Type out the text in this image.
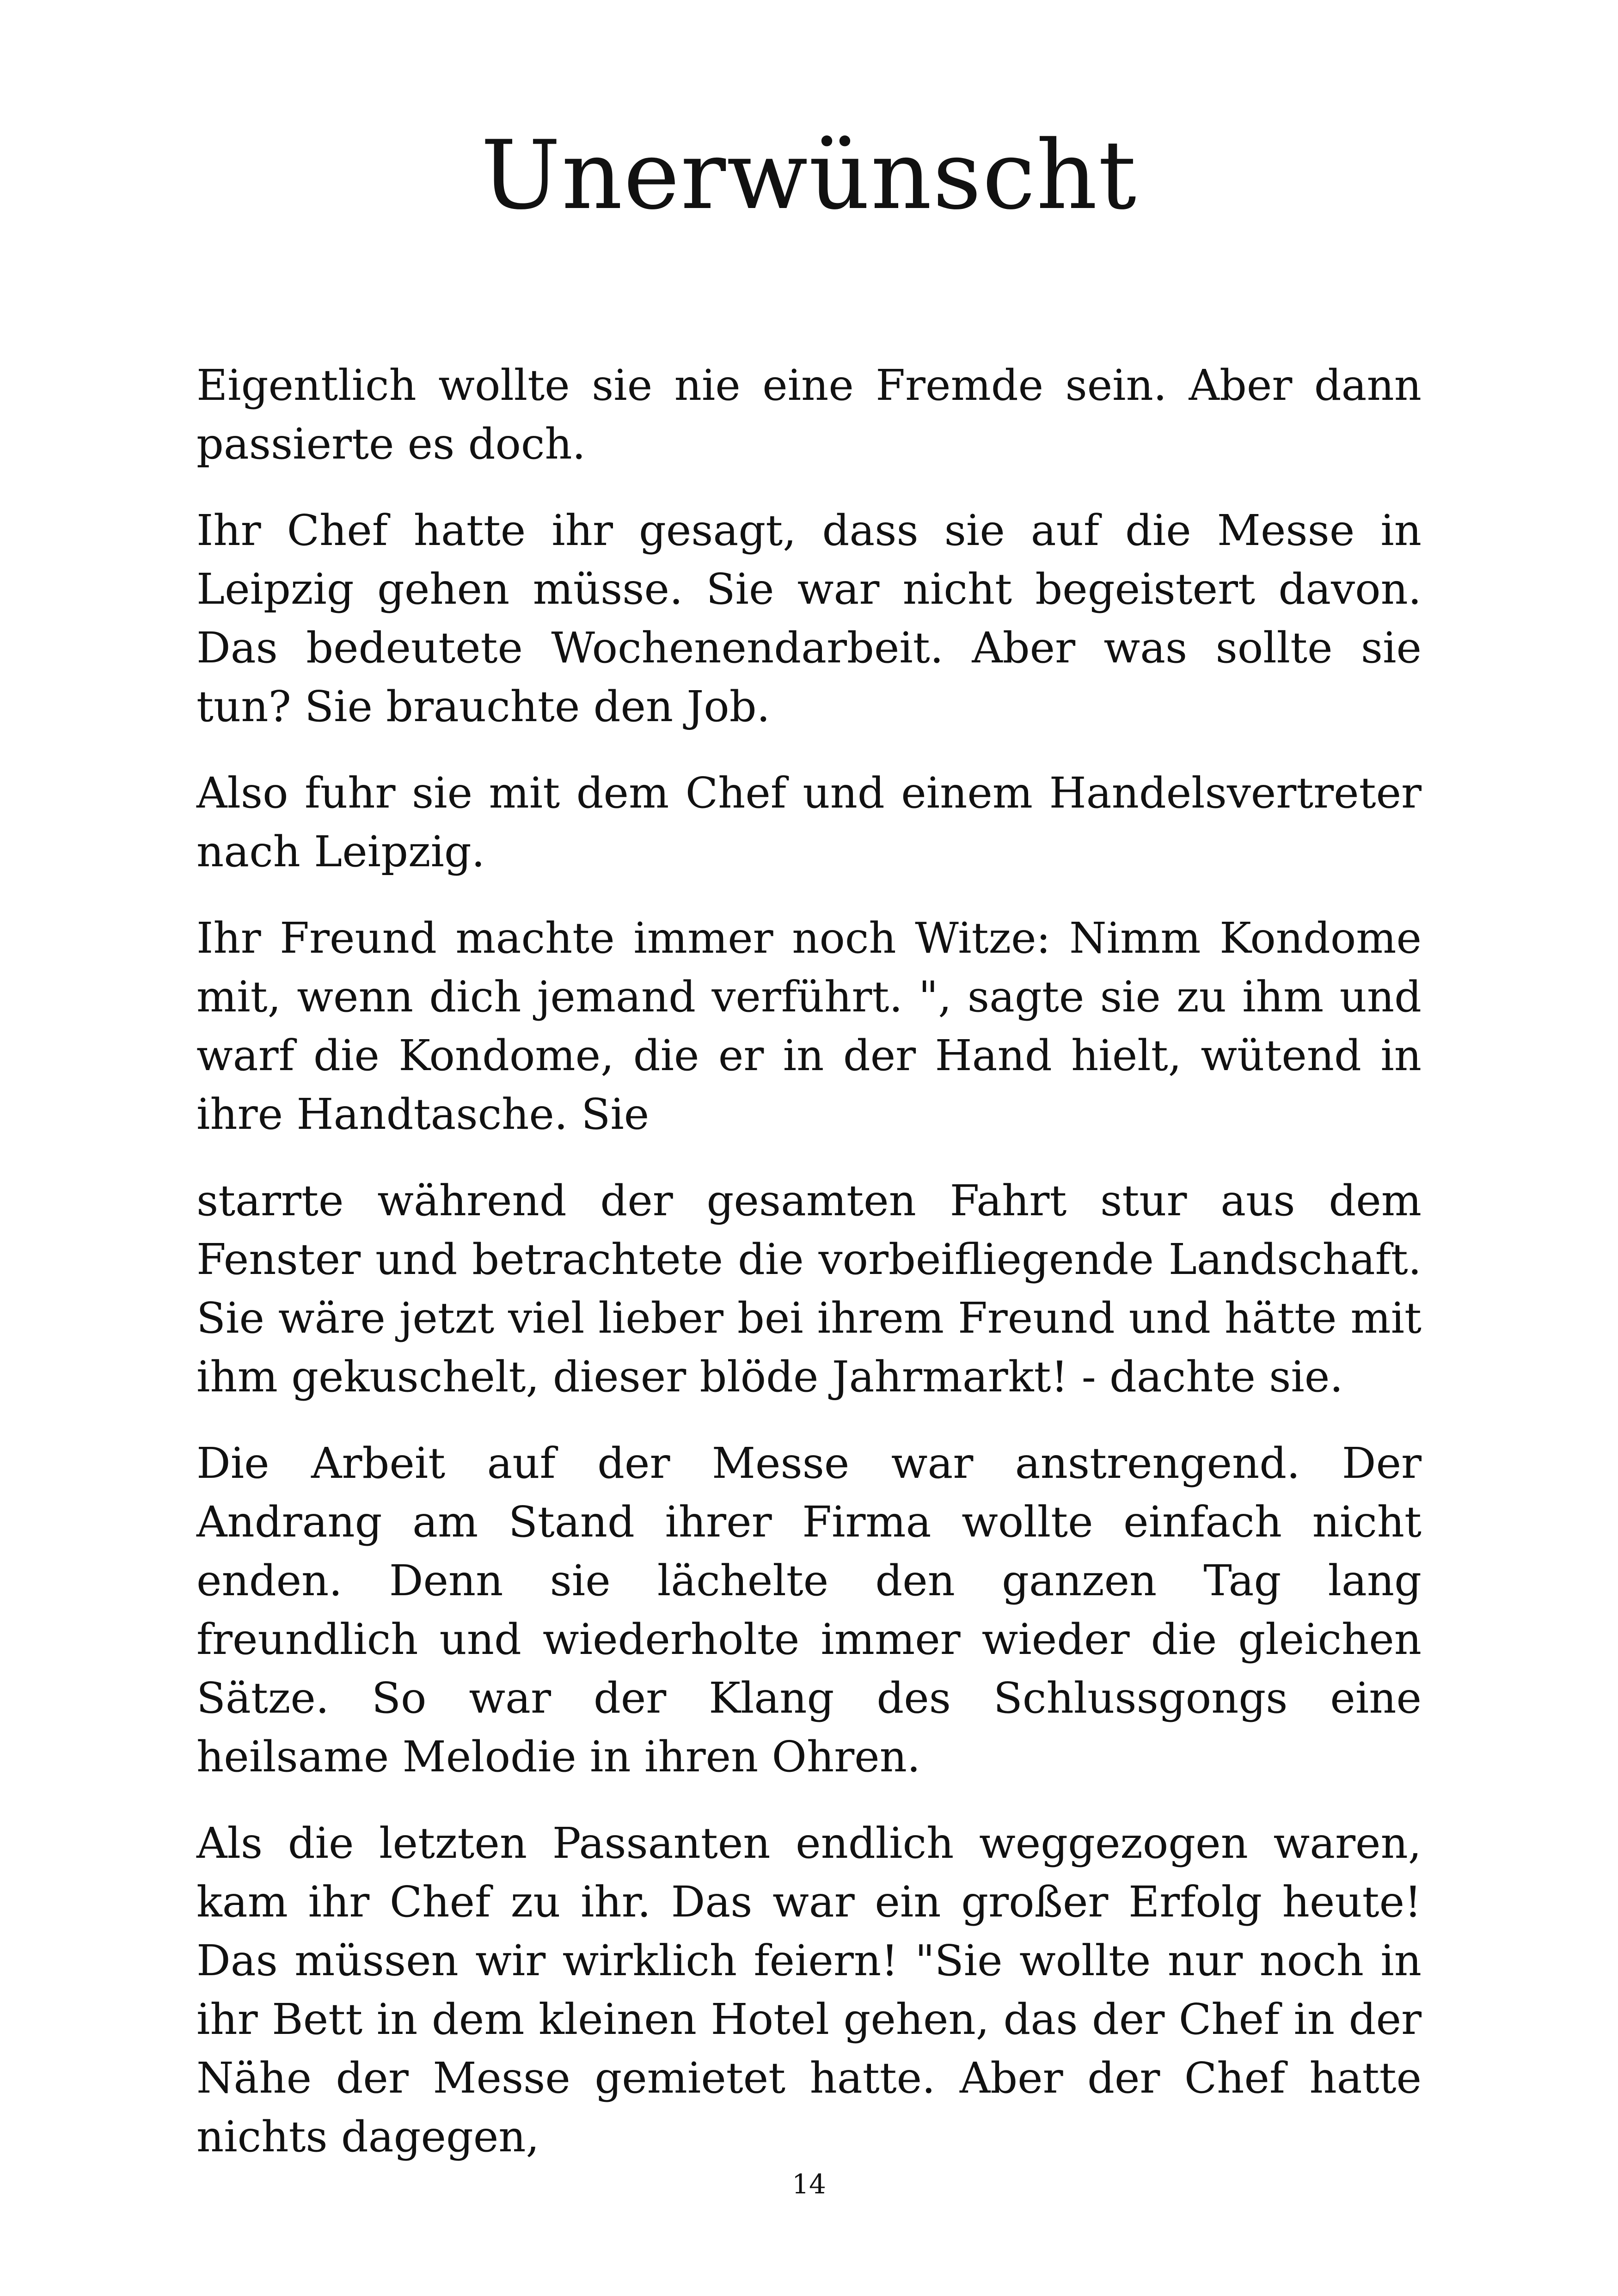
Unerwünscht

Eigentlich wollte sie nie eine Fremde sein. Aber dann passierte es doch.

Ihr Chef hatte ihr gesagt, dass sie auf die Messe in Leipzig gehen müsse. Sie war nicht begeistert davon. Das bedeutete Wochenendarbeit. Aber was sollte sie tun? Sie brauchte den Job.

Also fuhr sie mit dem Chef und einem Handelsvertreter nach Leipzig.

Ihr Freund machte immer noch Witze: Nimm Kondome mit, wenn dich jemand verführt. ", sagte sie zu ihm und warf die Kondome, die er in der Hand hielt, wütend in ihre Handtasche. Sie

starrte während der gesamten Fahrt stur aus dem Fenster und betrachtete die vorbeifliegende Landschaft. Sie wäre jetzt viel lieber bei ihrem Freund und hätte mit ihm gekuschelt, dieser blöde Jahrmarkt! - dachte sie.

Die Arbeit auf der Messe war anstrengend. Der Andrang am Stand ihrer Firma wollte einfach nicht enden. Denn sie lächelte den ganzen Tag lang freundlich und wiederholte immer wieder die gleichen Sätze. So war der Klang des Schlussgongs eine heilsame Melodie in ihren Ohren.

Als die letzten Passanten endlich weggezogen waren, kam ihr Chef zu ihr. Das war ein großer Erfolg heute! Das müssen wir wirklich feiern! "Sie wollte nur noch in ihr Bett in dem kleinen Hotel gehen, das der Chef in der Nähe der Messe gemietet hatte. Aber der Chef hatte nichts dagegen,

14
